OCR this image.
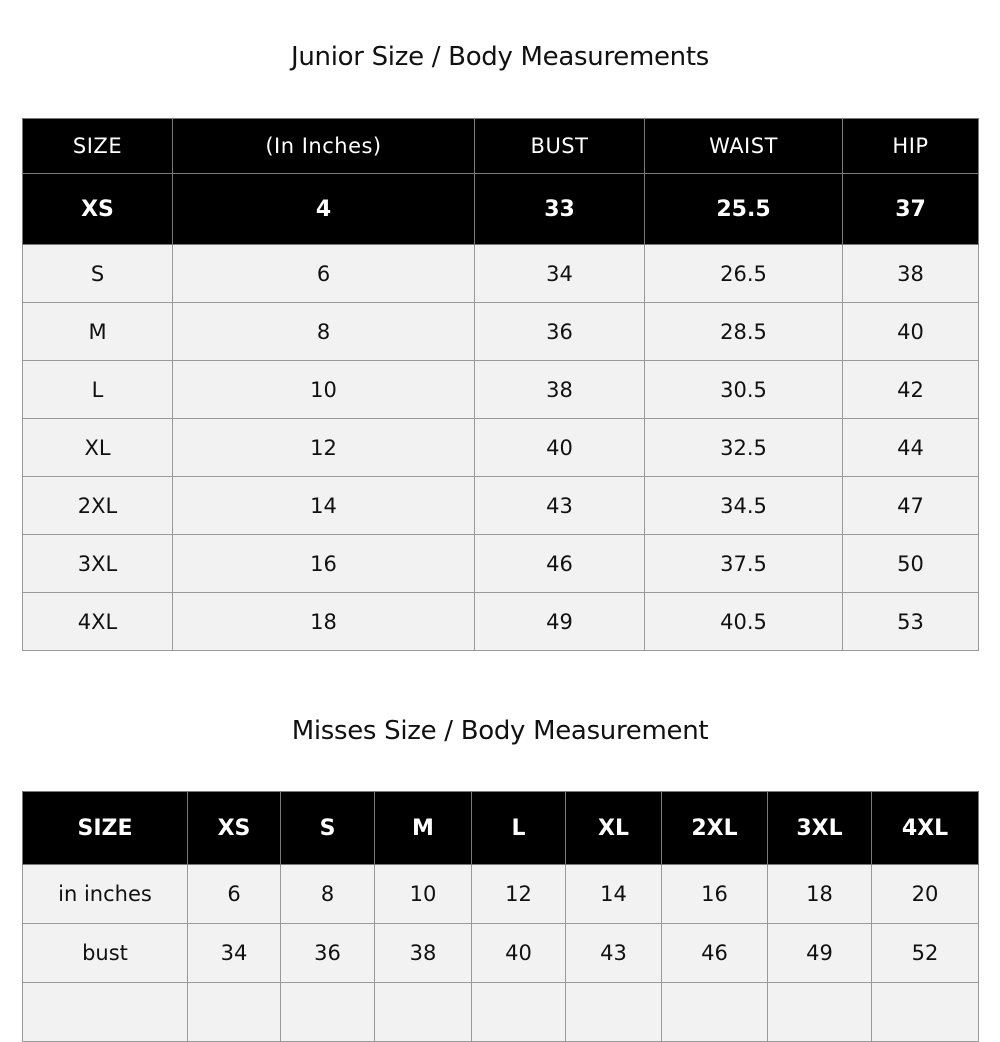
Junior Size / Body Measurements
SIZE	(In Inches)	BUST	WAIST	HIP
XS	4	33	25.5	37
S	6	34	26.5	38
M	8	36	28.5	40
L	10	38	30.5	42
XL	12	40	32.5	44
2XL	14	43	34.5	47
3XL	16	46	37.5	50
4XL	18	49	40.5	53
Misses Size / Body Measurement
SIZE	XS	S	M	L	XL	2XL	3XL	4XL
in inches	6	8	10	12	14	16	18	20
bust	34	36	38	40	43	46	49	52
